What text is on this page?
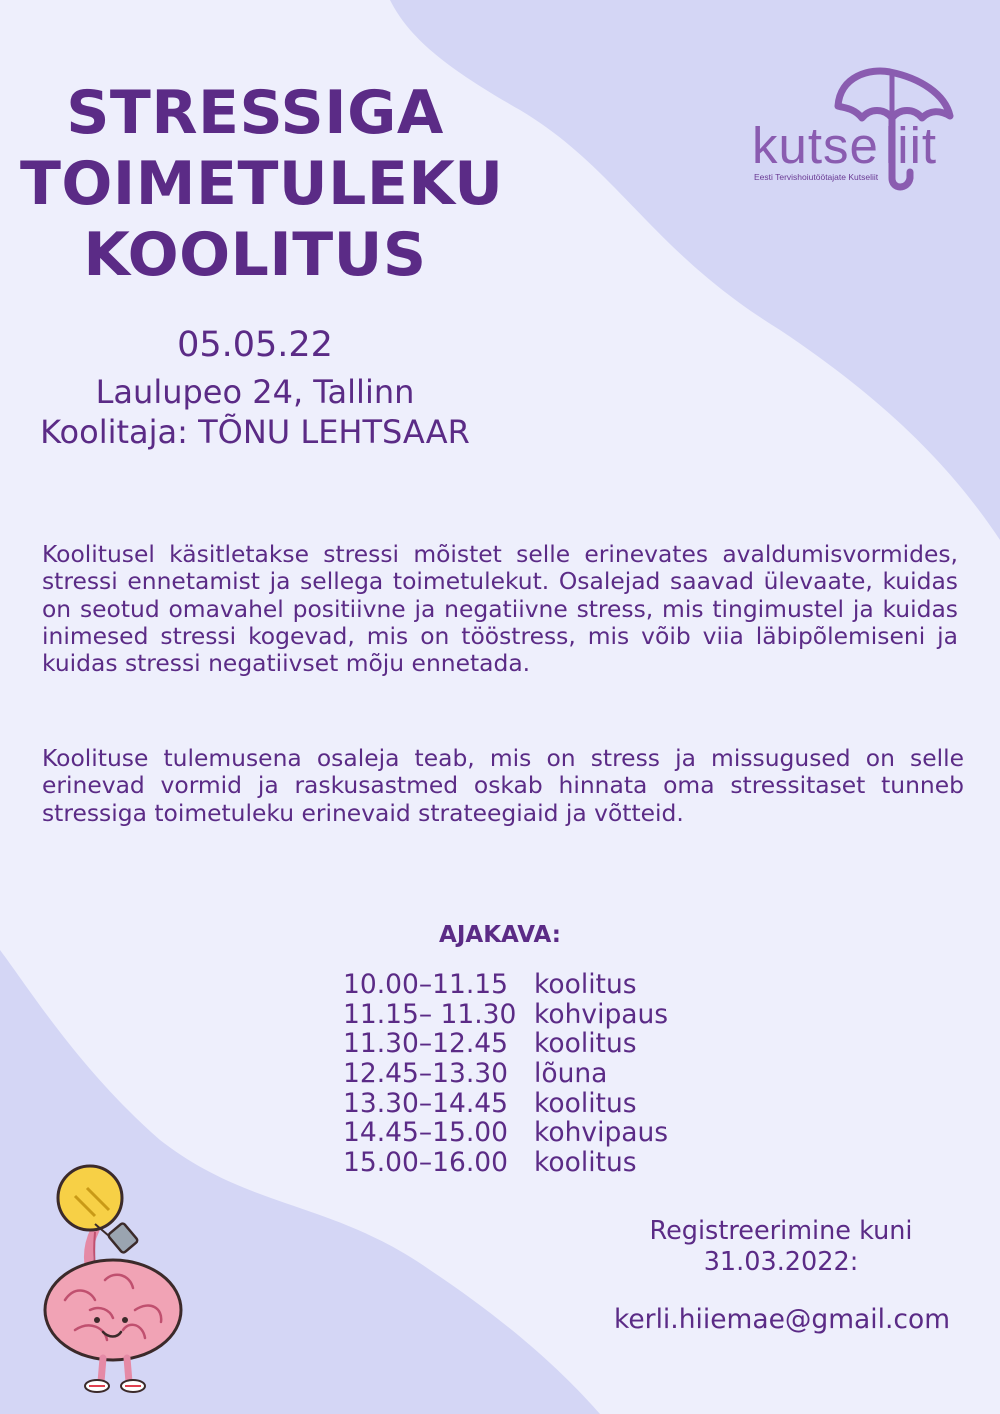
STRESSIGA
TOIMETULEKU
KOOLITUS
05.05.22
Laulupeo 24, Tallinn
Koolitaja: TÕNU LEHTSAAR
kutse liit
Eesti Tervishoiutöötajate Kutseliit
Koolitusel käsitletakse stressi mõistet selle erinevates avaldumisvormides, stressi ennetamist ja sellega toimetulekut. Osalejad saavad ülevaate, kuidas on seotud omavahel positiivne ja negatiivne stress, mis tingimustel ja kuidas inimesed stressi kogevad, mis on tööstress, mis võib viia läbipõlemiseni ja kuidas stressi negatiivset mõju ennetada.
Koolituse tulemusena osaleja teab, mis on stress ja missugused on selle erinevad vormid ja raskusastmed oskab hinnata oma stressitaset tunneb stressiga toimetuleku erinevaid strateegiaid ja võtteid.
AJAKAVA:
10.00–11.15 koolitus
11.15– 11.30 kohvipaus
11.30–12.45 koolitus
12.45–13.30 lõuna
13.30–14.45 koolitus
14.45–15.00 kohvipaus
15.00–16.00 koolitus
Registreerimine kuni
31.03.2022:
kerli.hiiemae@gmail.com
